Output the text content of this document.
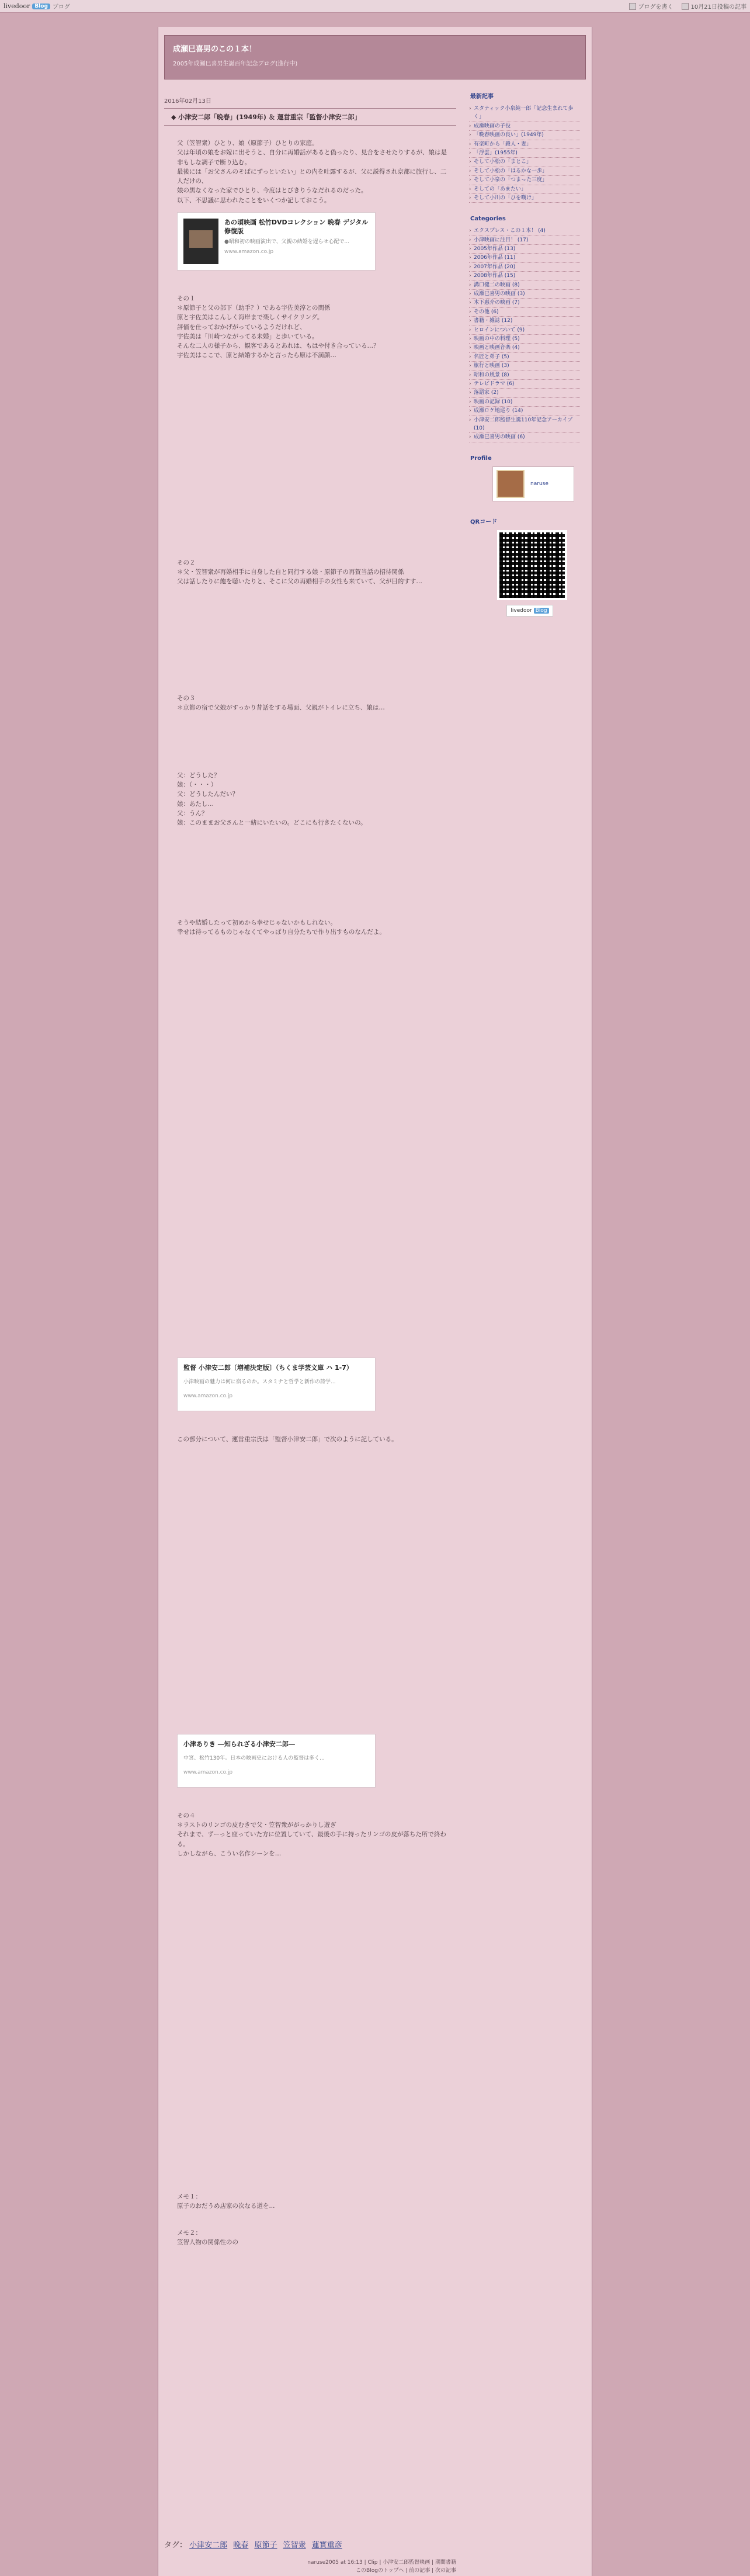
livedoor Blog ブログ	ブログを書く	10月21日投稿の記事
成瀬巳喜男のこの１本！
2005年成瀬巳喜男生誕百年記念ブログ(進行中)
2016年02月13日
◆ 小津安二郎「晩春」(1949年) ＆ 運営重宗「監督小津安二郎」

父（笠智衆）ひとり、娘（原節子）ひとりの家庭。
父は年頃の娘をお嫁に出そうと、自分に再婚話があると偽ったり、見合をさせたりするが、娘は是非もしな調子で断り込む。
最後には「お父さんのそばにずっといたい」との内を吐露するが、父に説得され京都に旅行し、二人だけの、
娘の黒なくなった家でひとり、今度はとびきりうなだれるのだった。
以下、不思議に思われたことをいくつか記しておこう。

あの頃映画 松竹DVDコレクション 晩春 デジタル修復版
●昭和初の映画演出で、父親の結婚を遅らせ心配で...
www.amazon.co.jp

その１
＊原節子と父の部下（助手？）である宇佐美淳との関係
原と宇佐美はこんしく海岸まで楽しくサイクリング。
評価を仕っておかげがっているようだけれど、
宇佐美は「川崎つながってる未婚」と歩いている。
そんな二人の様子から、観客であるとあれは、もはや付き合っている…？
宇佐美はここで、原と結婚するかと言ったら原は不満顔…

その２
＊父・笠智衆が再婚相手に自身した自と同行する娘・原節子の再賀当話の招待関係
父は話したりに飽を聴いたりと、そこに父の再婚相手の女性も来ていて、父が目的すす…

その３
＊京都の宿で父娘がすっかり昔話をする場面、父親がトイレに立ち、娘は…

父：どうした？
娘：（・・・）
父：どうしたんだい？
娘：あたし…
父：うん？
娘：このままお父さんと一緒にいたいの。どこにも行きたくないの。

そうや結婚したって初めから幸せじゃないかもしれない。
幸せは待ってるものじゃなくてやっぱり自分たちで作り出すものなんだよ。

監督 小津安二郎〔増補決定版〕（ちくま学芸文庫 ハ 1-7）
小津映画の魅力は何に宿るのか。スタミナと哲学と新作の詩学...
www.amazon.co.jp

この部分について、運営重宗氏は「監督小津安二郎」で次のように記している。

小津ありき ―知られざる小津安二郎―
中宮、松竹130年。日本の映画史における人の監督は多く...
www.amazon.co.jp

その４
＊ラストのリンゴの皮むきで父・笠智衆ががっかりし遊ぎ
それまで、ずーっと座っていた方に位置していて、最後の手に持ったリンゴの皮が落ちた所で終わる。
しかしながら、こうい名作シーンを…

メモ１：
原子のおだうめ店家の次なる道を...

メモ２：
笠智人物の関係性のの

タグ： 小津安二郎 晩春 原節子 笠智衆 蓮實重彦
naruse2005 at 16:13 | Clip | 小津安二郎監督映画 | 期間書籍
このBlogのトップへ | 前の記事 | 次の記事
最新記事
› スタティック小泉純一郎「記念生まれて歩く」
› 成瀬映画の子役
› 「晩春映画の良い」(1949年)
› 有楽町から「殺人・妻」
› 「浮雲」(1955年)
› そして小松の「まとこ」
› そして小松の「はるかな一歩」
› そして小泉の「つまった三度」
› そしての「あまたい」
› そして小川の「ひを嘆け」
Categories
› エクスプレス・この１本！ (4)
› 小津映画に注目！ (17)
› 2005年作品 (13)
› 2006年作品 (11)
› 2007年作品 (20)
› 2008年作品 (15)
› 溝口健二の映画 (8)
› 成瀬巳喜男の映画 (3)
› 木下惠介の映画 (7)
› その他 (6)
› 書籍・雑誌 (12)
› ヒロインについて (9)
› 映画の中の料理 (5)
› 映画と映画音楽 (4)
› 名匠と弟子 (5)
› 旅行と映画 (3)
› 昭和の風景 (8)
› テレビドラマ (6)
› 落語家 (2)
› 映画の記録 (10)
› 成瀬ロケ地巡り (14)
› 小津安二郎監督生誕110年記念アーカイブ (10)
› 成瀬巳喜男の映画 (6)
Profile
naruse
QRコード
livedoor Blog
